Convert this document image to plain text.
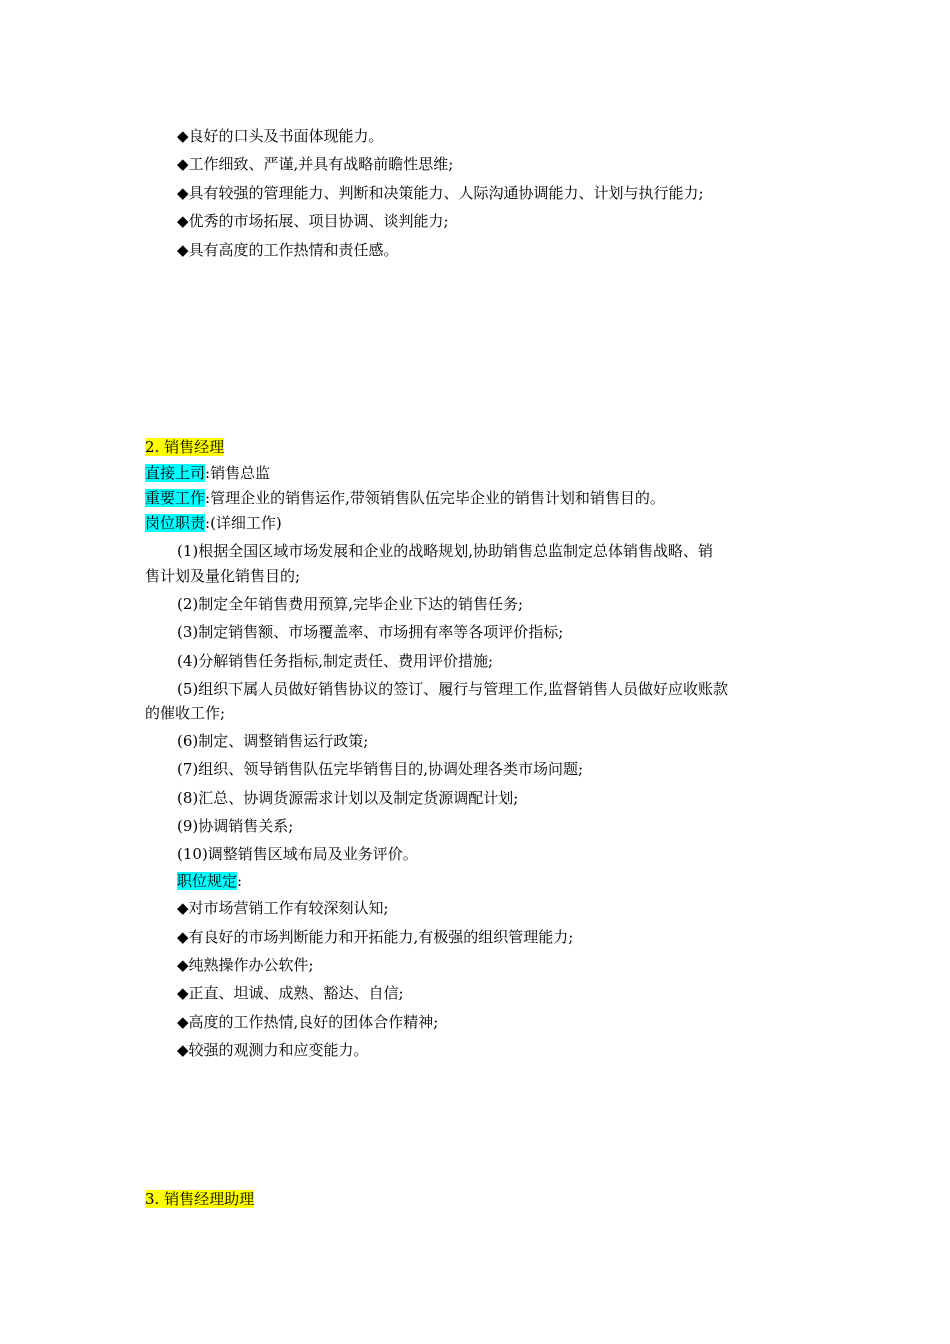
◆良好的口头及书面体现能力。
◆工作细致、严谨,并具有战略前瞻性思维;
◆具有较强的管理能力、判断和决策能力、人际沟通协调能力、计划与执行能力;
◆优秀的市场拓展、项目协调、谈判能力;
◆具有高度的工作热情和责任感。
2. 销售经理
直接上司:销售总监
重要工作:管理企业的销售运作,带领销售队伍完毕企业的销售计划和销售目的。
岗位职责:(详细工作)
(1)根据全国区域市场发展和企业的战略规划,协助销售总监制定总体销售战略、销
售计划及量化销售目的;
(2)制定全年销售费用预算,完毕企业下达的销售任务;
(3)制定销售额、市场覆盖率、市场拥有率等各项评价指标;
(4)分解销售任务指标,制定责任、费用评价措施;
(5)组织下属人员做好销售协议的签订、履行与管理工作,监督销售人员做好应收账款
的催收工作;
(6)制定、调整销售运行政策;
(7)组织、领导销售队伍完毕销售目的,协调处理各类市场问题;
(8)汇总、协调货源需求计划以及制定货源调配计划;
(9)协调销售关系;
(10)调整销售区域布局及业务评价。
职位规定:
◆对市场营销工作有较深刻认知;
◆有良好的市场判断能力和开拓能力,有极强的组织管理能力;
◆纯熟操作办公软件;
◆正直、坦诚、成熟、豁达、自信;
◆高度的工作热情,良好的团体合作精神;
◆较强的观测力和应变能力。
3. 销售经理助理
